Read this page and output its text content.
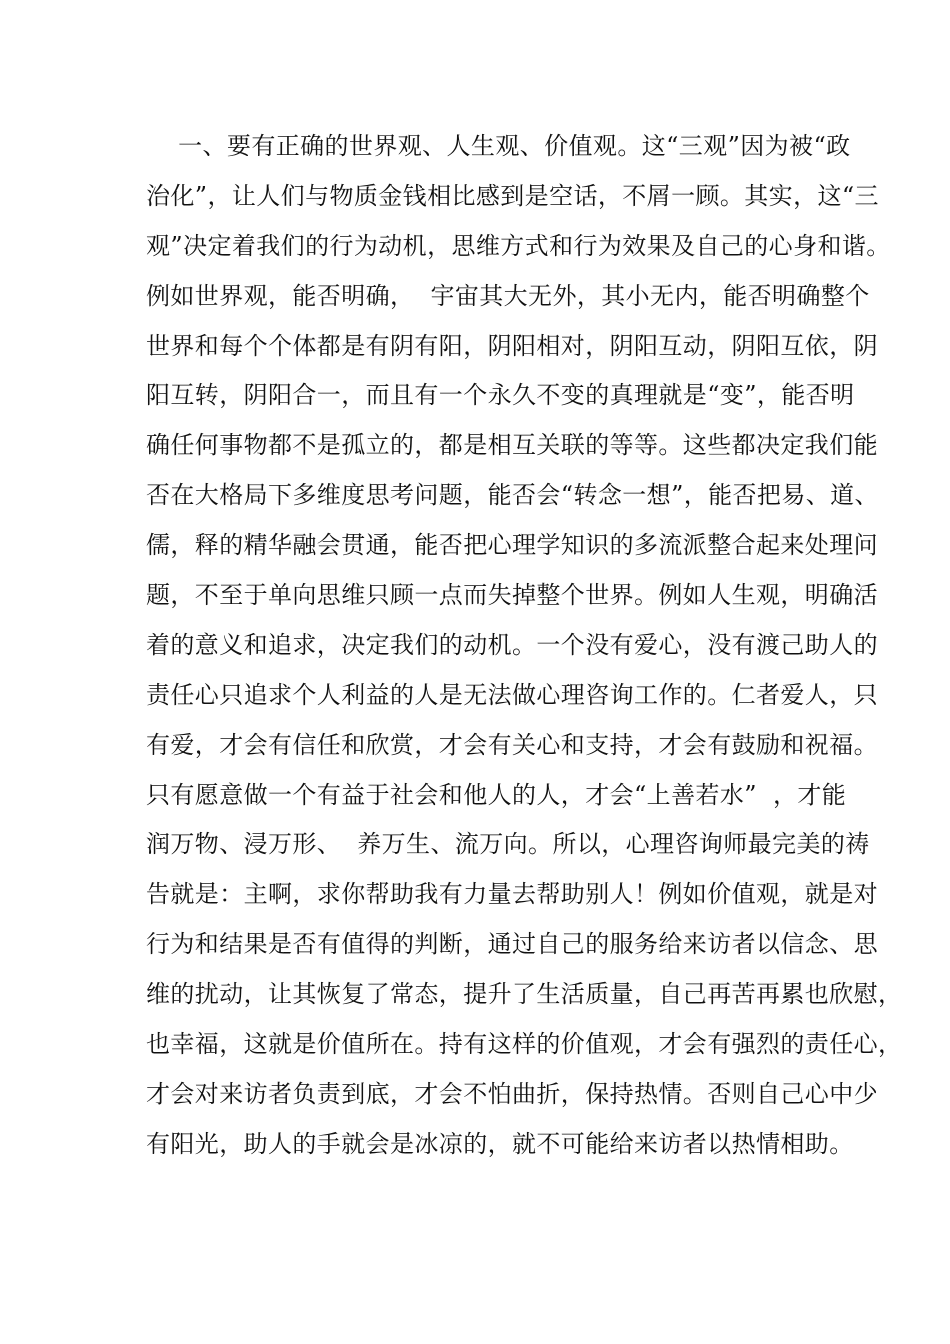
一、要有正确的世界观、人生观、价值观。这“三观”因为被“政
治化”，让人们与物质金钱相比感到是空话，不屑一顾。其实，这“三
观”决定着我们的行为动机，思维方式和行为效果及自己的心身和谐。
例如世界观，能否明确，  宇宙其大无外，其小无内，能否明确整个
世界和每个个体都是有阴有阳，阴阳相对，阴阳互动，阴阳互依，阴
阳互转，阴阳合一，而且有一个永久不变的真理就是“变”，能否明
确任何事物都不是孤立的，都是相互关联的等等。这些都决定我们能
否在大格局下多维度思考问题，能否会“转念一想”，能否把易、道、
儒，释的精华融会贯通，能否把心理学知识的多流派整合起来处理问
题，不至于单向思维只顾一点而失掉整个世界。例如人生观，明确活
着的意义和追求，决定我们的动机。一个没有爱心，没有渡己助人的
责任心只追求个人利益的人是无法做心理咨询工作的。仁者爱人，只
有爱，才会有信任和欣赏，才会有关心和支持，才会有鼓励和祝福。
只有愿意做一个有益于社会和他人的人，才会“上善若水”  ，才能
润万物、浸万形、  养万生、流万向。所以，心理咨询师最完美的祷
告就是：主啊，求你帮助我有力量去帮助别人！例如价值观，就是对
行为和结果是否有值得的判断，通过自己的服务给来访者以信念、思
维的扰动，让其恢复了常态，提升了生活质量，自己再苦再累也欣慰，
也幸福，这就是价值所在。持有这样的价值观，才会有强烈的责任心，
才会对来访者负责到底，才会不怕曲折，保持热情。否则自己心中少
有阳光，助人的手就会是冰凉的，就不可能给来访者以热情相助。
